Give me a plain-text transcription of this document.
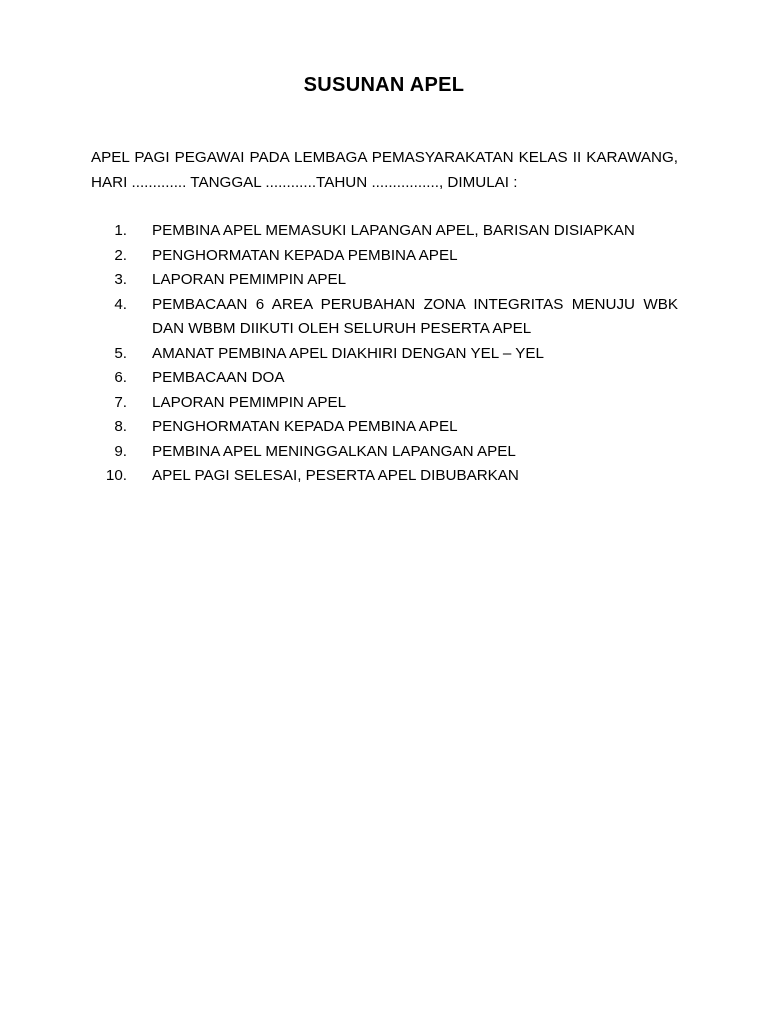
SUSUNAN APEL
APEL PAGI PEGAWAI PADA LEMBAGA PEMASYARAKATAN KELAS II KARAWANG, HARI ............. TANGGAL ............TAHUN ................, DIMULAI :
1. PEMBINA APEL MEMASUKI LAPANGAN APEL, BARISAN DISIAPKAN
2. PENGHORMATAN KEPADA PEMBINA APEL
3. LAPORAN PEMIMPIN APEL
4. PEMBACAAN 6 AREA PERUBAHAN ZONA INTEGRITAS MENUJU WBK DAN WBBM DIIKUTI OLEH SELURUH PESERTA APEL
5. AMANAT PEMBINA APEL DIAKHIRI DENGAN YEL – YEL
6. PEMBACAAN DOA
7. LAPORAN PEMIMPIN APEL
8. PENGHORMATAN KEPADA PEMBINA APEL
9. PEMBINA APEL MENINGGALKAN LAPANGAN APEL
10. APEL PAGI SELESAI, PESERTA APEL DIBUBARKAN
